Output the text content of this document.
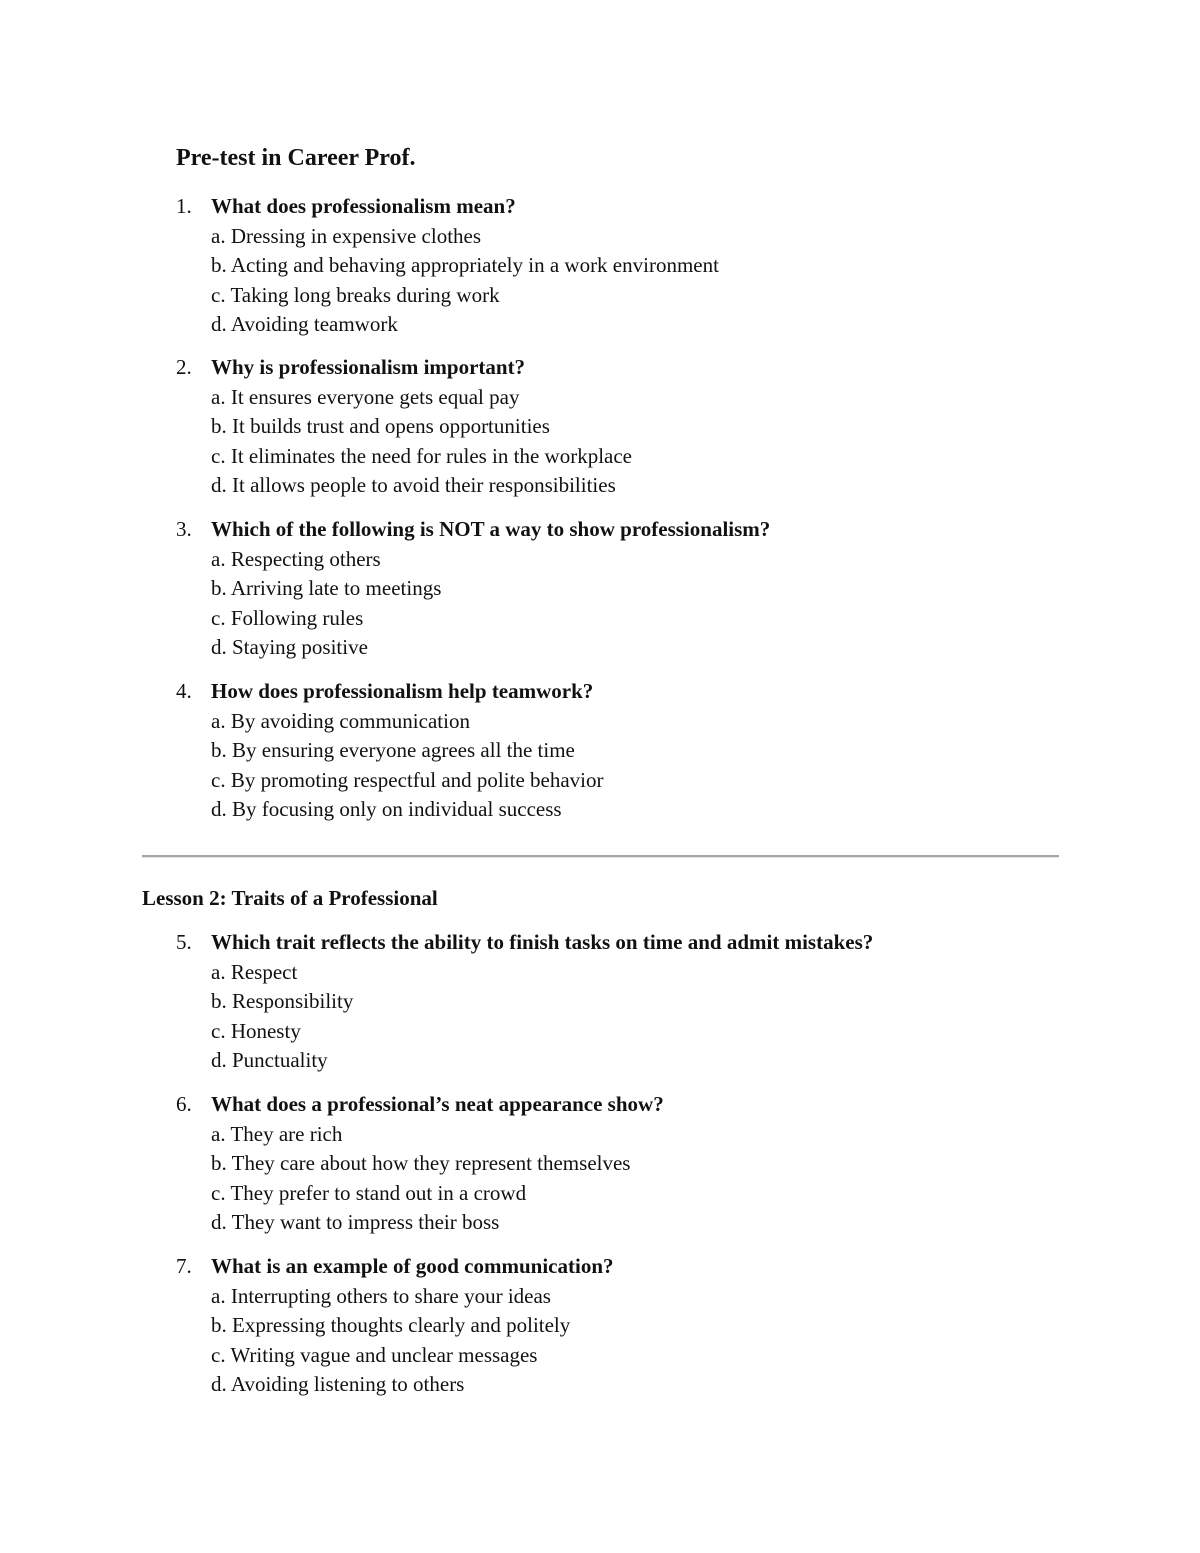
Pre-test in Career Prof.
1. What does professionalism mean?
a. Dressing in expensive clothes
b. Acting and behaving appropriately in a work environment
c. Taking long breaks during work
d. Avoiding teamwork
2. Why is professionalism important?
a. It ensures everyone gets equal pay
b. It builds trust and opens opportunities
c. It eliminates the need for rules in the workplace
d. It allows people to avoid their responsibilities
3. Which of the following is NOT a way to show professionalism?
a. Respecting others
b. Arriving late to meetings
c. Following rules
d. Staying positive
4. How does professionalism help teamwork?
a. By avoiding communication
b. By ensuring everyone agrees all the time
c. By promoting respectful and polite behavior
d. By focusing only on individual success
Lesson 2: Traits of a Professional
5. Which trait reflects the ability to finish tasks on time and admit mistakes?
a. Respect
b. Responsibility
c. Honesty
d. Punctuality
6. What does a professional’s neat appearance show?
a. They are rich
b. They care about how they represent themselves
c. They prefer to stand out in a crowd
d. They want to impress their boss
7. What is an example of good communication?
a. Interrupting others to share your ideas
b. Expressing thoughts clearly and politely
c. Writing vague and unclear messages
d. Avoiding listening to others
